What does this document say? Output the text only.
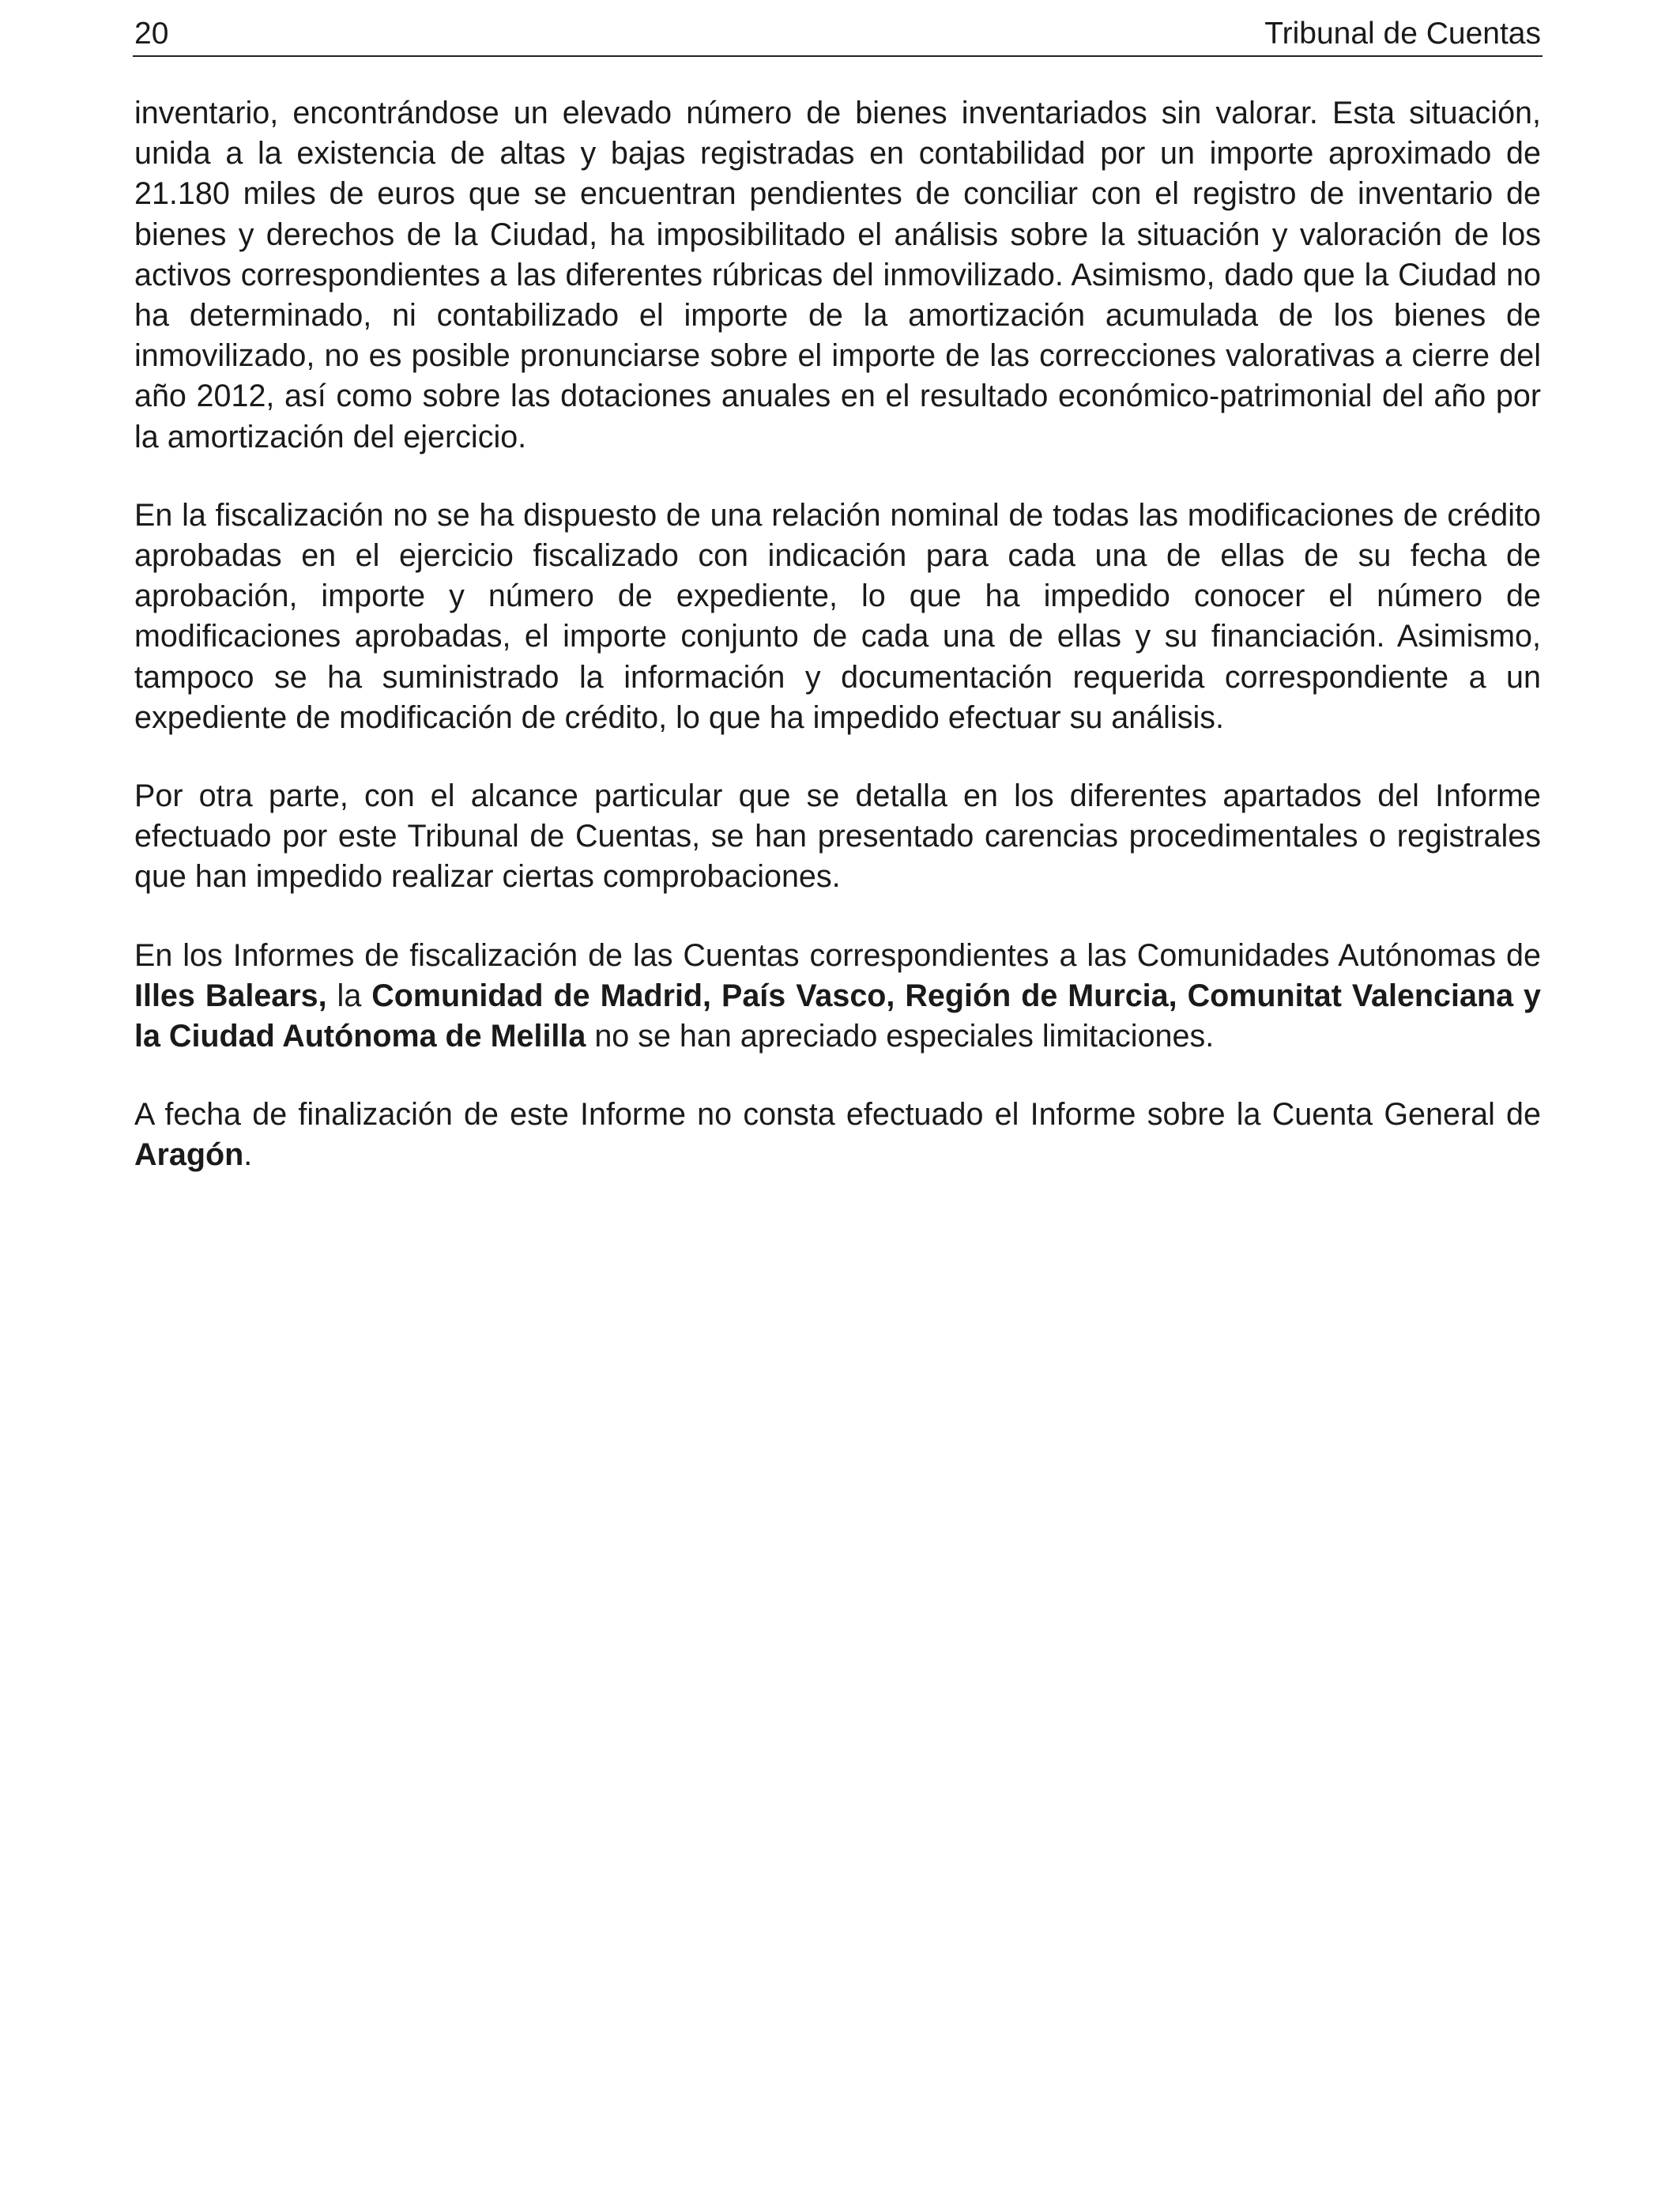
20	Tribunal de Cuentas

inventario, encontrándose un elevado número de bienes inventariados sin valorar. Esta situación, unida a la existencia de altas y bajas registradas en contabilidad por un importe aproximado de 21.180 miles de euros que se encuentran pendientes de conciliar con el registro de inventario de bienes y derechos de la Ciudad, ha imposibilitado el análisis sobre la situación y valoración de los activos correspondientes a las diferentes rúbricas del inmovilizado. Asimismo, dado que la Ciudad no ha determinado, ni contabilizado el importe de la amortización acumulada de los bienes de inmovilizado, no es posible pronunciarse sobre el importe de las correcciones valorativas a cierre del año 2012, así como sobre las dotaciones anuales en el resultado económico-patrimonial del año por la amortización del ejercicio.

En la fiscalización no se ha dispuesto de una relación nominal de todas las modificaciones de crédito aprobadas en el ejercicio fiscalizado con indicación para cada una de ellas de su fecha de aprobación, importe y número de expediente, lo que ha impedido conocer el número de modificaciones aprobadas, el importe conjunto de cada una de ellas y su financiación. Asimismo, tampoco se ha suministrado la información y documentación requerida correspondiente a un expediente de modificación de crédito, lo que ha impedido efectuar su análisis.

Por otra parte, con el alcance particular que se detalla en los diferentes apartados del Informe efectuado por este Tribunal de Cuentas, se han presentado carencias procedimentales o registrales que han impedido realizar ciertas comprobaciones.

En los Informes de fiscalización de las Cuentas correspondientes a las Comunidades Autónomas de Illes Balears, la Comunidad de Madrid, País Vasco, Región de Murcia, Comunitat Valenciana y la Ciudad Autónoma de Melilla no se han apreciado especiales limitaciones.

A fecha de finalización de este Informe no consta efectuado el Informe sobre la Cuenta General de Aragón.
